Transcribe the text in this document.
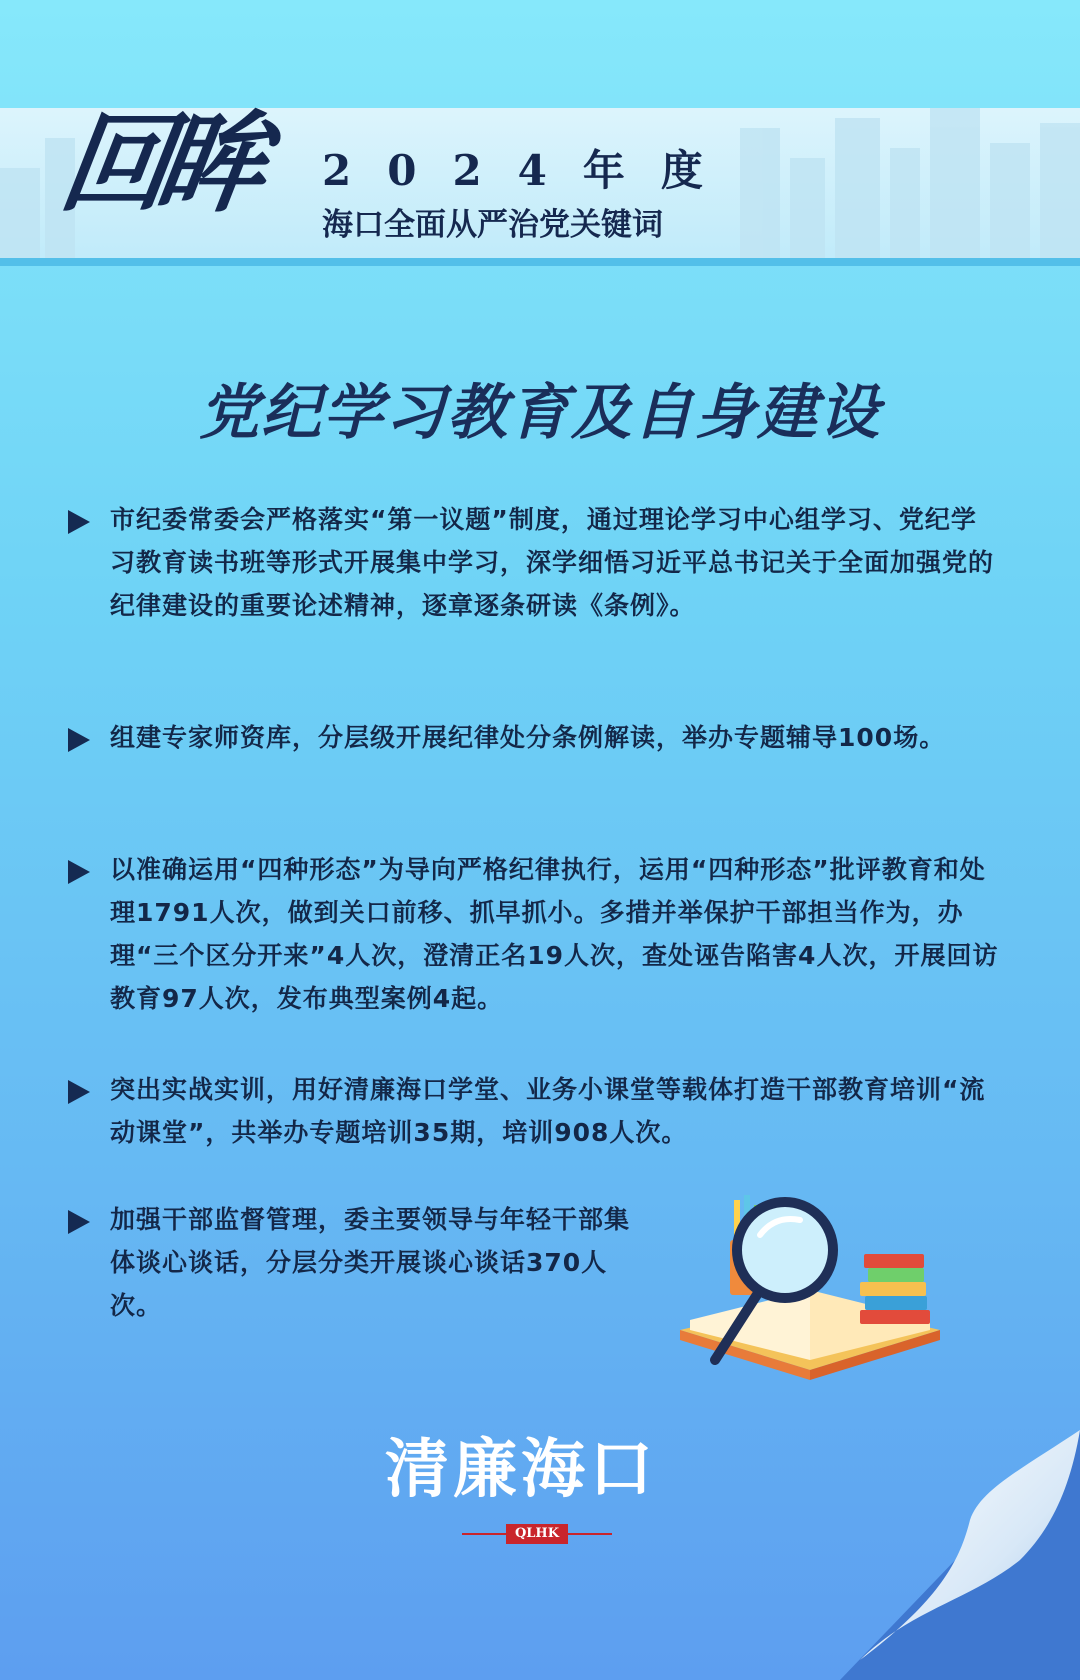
回眸 2024年度
海口全面从严治党关键词
党纪学习教育及自身建设
市纪委常委会严格落实“第一议题”制度，通过理论学习中心组学习、党纪学习教育读书班等形式开展集中学习，深学细悟习近平总书记关于全面加强党的纪律建设的重要论述精神，逐章逐条研读《条例》。
组建专家师资库，分层级开展纪律处分条例解读，举办专题辅导100场。
以准确运用“四种形态”为导向严格纪律执行，运用“四种形态”批评教育和处理1791人次，做到关口前移、抓早抓小。多措并举保护干部担当作为，办理“三个区分开来”4人次，澄清正名19人次，查处诬告陷害4人次，开展回访教育97人次，发布典型案例4起。
突出实战实训，用好清廉海口学堂、业务小课堂等载体打造干部教育培训“流动课堂”，共举办专题培训35期，培训908人次。
加强干部监督管理，委主要领导与年轻干部集体谈心谈话，分层分类开展谈心谈话370人次。
清廉海口
QLHK
